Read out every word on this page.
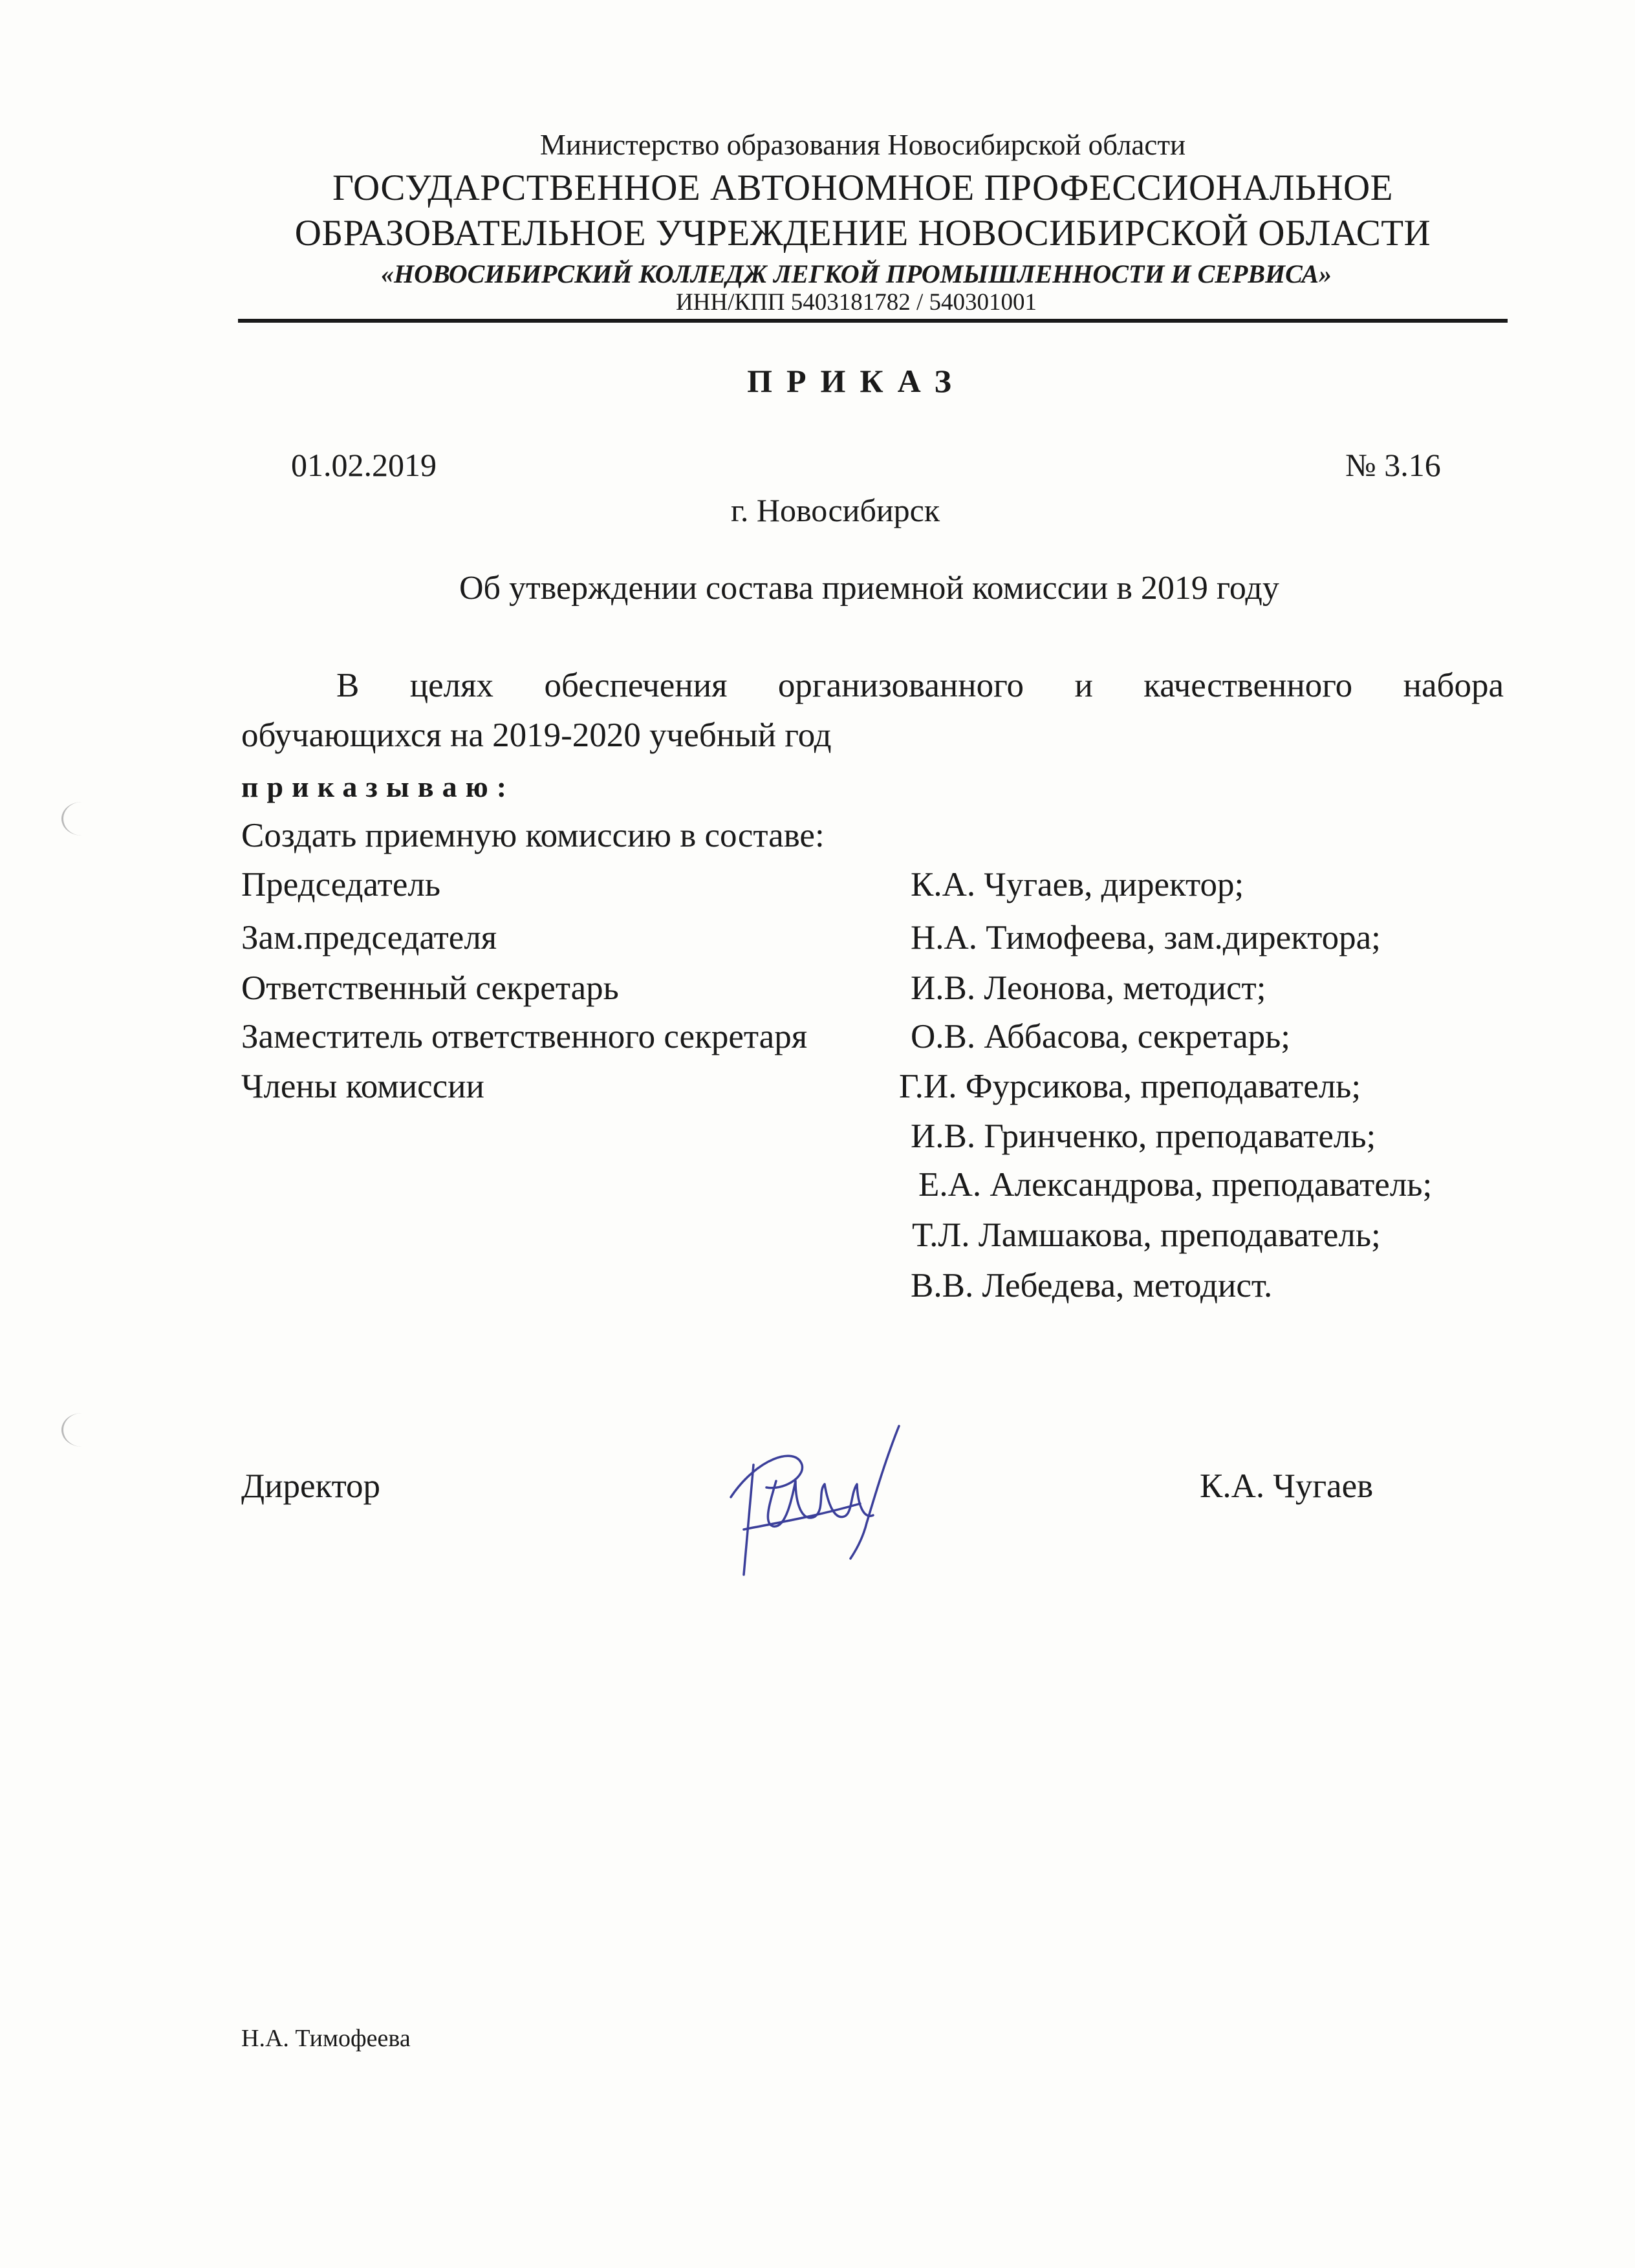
Министерство образования Новосибирской области
ГОСУДАРСТВЕННОЕ АВТОНОМНОЕ ПРОФЕССИОНАЛЬНОЕ
ОБРАЗОВАТЕЛЬНОЕ УЧРЕЖДЕНИЕ НОВОСИБИРСКОЙ ОБЛАСТИ
«НОВОСИБИРСКИЙ КОЛЛЕДЖ ЛЕГКОЙ ПРОМЫШЛЕННОСТИ И СЕРВИСА»
ИНН/КПП 5403181782 / 540301001
ПРИКАЗ
01.02.2019	№ 3.16
г. Новосибирск
Об утверждении состава приемной комиссии в 2019 году
В целях обеспечения организованного и качественного набора
обучающихся на 2019-2020 учебный год
приказываю:
Создать приемную комиссию в составе:
Председатель
Зам.председателя
Ответственный секретарь
Заместитель ответственного секретаря
Члены комиссии
К.А. Чугаев, директор;
Н.А. Тимофеева, зам.директора;
И.В. Леонова, методист;
О.В. Аббасова, секретарь;
Г.И. Фурсикова, преподаватель;
И.В. Гринченко, преподаватель;
Е.А. Александрова, преподаватель;
Т.Л. Ламшакова, преподаватель;
В.В. Лебедева, методист.
Директор	К.А. Чугаев
Н.А. Тимофеева
